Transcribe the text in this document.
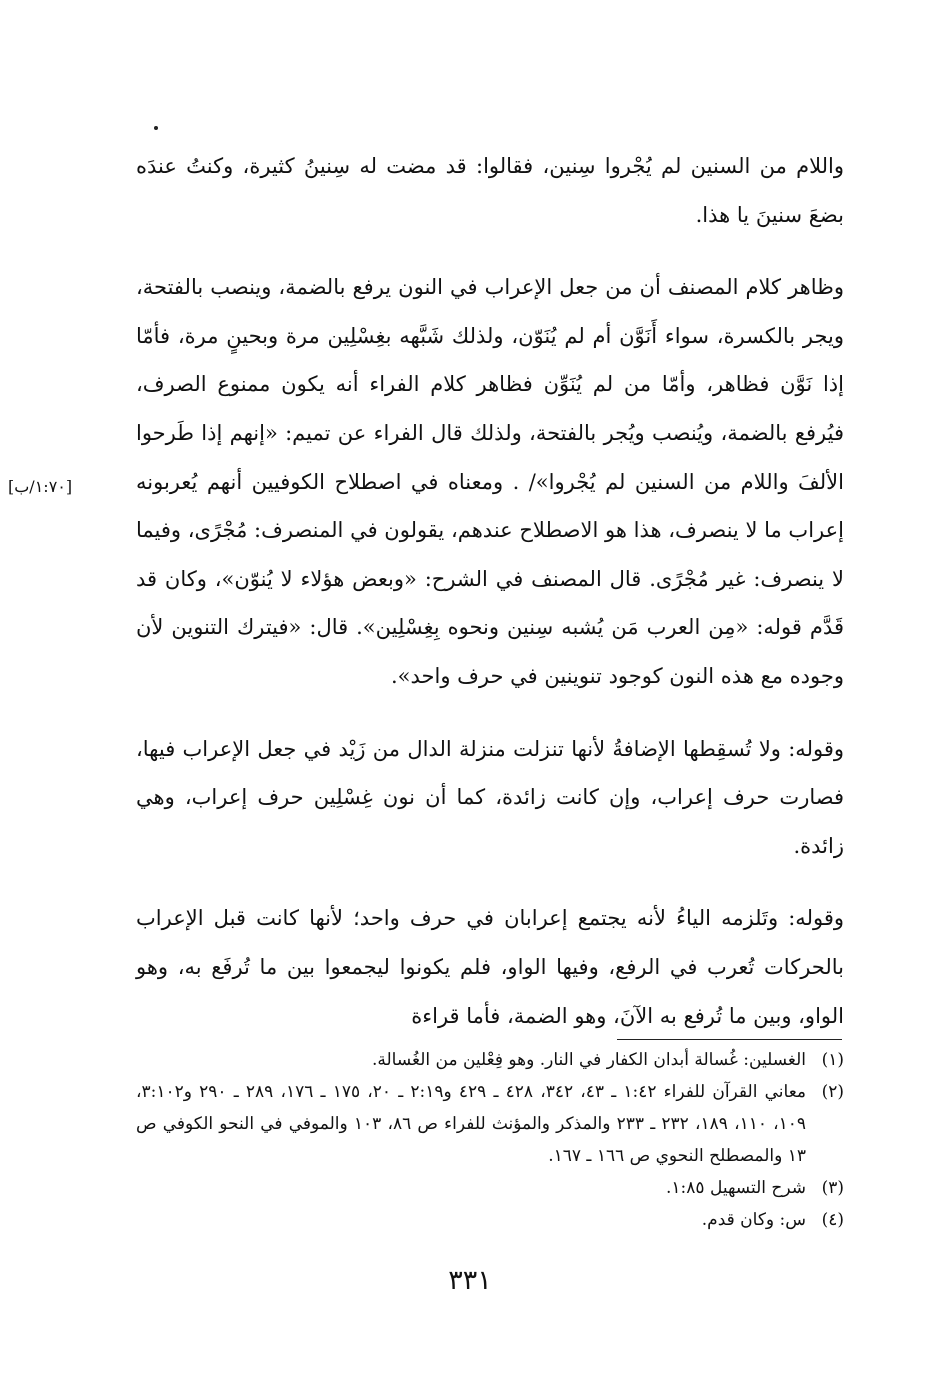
واللام من السنين لم يُجْروا سِنين، فقالوا: قد مضت له سِنينُ كثيرة، وكنتُ عندَه بضعَ سنينَ يا هذا.

وظاهر كلام المصنف أن من جعل الإعراب في النون يرفع بالضمة، وينصب بالفتحة، ويجر بالكسرة، سواء أَنَوَّن أم لم يُنَوّن، ولذلك شَبَّهه بغِسْلِين مرة وبحينٍ مرة، فأمّا إذا نَوَّن فظاهر، وأمّا من لم يُنَوِّن فظاهر كلام الفراء أنه يكون ممنوع الصرف، فيُرفع بالضمة، ويُنصب ويُجر بالفتحة، ولذلك قال الفراء عن تميم: «إنهم إذا طَرحوا الألفَ واللام من السنين لم يُجْروا»/ . ومعناه في اصطلاح الكوفيين أنهم يُعربونه إعراب ما لا ينصرف، هذا هو الاصطلاح عندهم، يقولون في المنصرف: مُجْرًى، وفيما لا ينصرف: غير مُجْرًى. قال المصنف في الشرح: «وبعض هؤلاء لا يُنوّن»، وكان قد قَدَّم قوله: «مِن العرب مَن يُشبه سِنين ونحوه بِغِسْلِين». قال: «فيترك التنوين لأن وجوده مع هذه النون كوجود تنوينين في حرف واحد».

وقوله: ولا تُسقِطها الإضافةُ لأنها تنزلت منزلة الدال من زَيْد في جعل الإعراب فيها، فصارت حرف إعراب، وإن كانت زائدة، كما أن نون غِسْلِين حرف إعراب، وهي زائدة.

وقوله: وتَلزمه الياءُ لأنه يجتمع إعرابان في حرف واحد؛ لأنها كانت قبل الإعراب بالحركات تُعرب في الرفع، وفيها الواو، فلم يكونوا ليجمعوا بين ما تُرفَع به، وهو الواو، وبين ما تُرفع به الآنَ، وهو الضمة، فأما قراءة

[١:٧٠/ب]
(١)
الغسلين: غُسالة أبدان الكفار في النار. وهو فِعْلين من الغُسالة.
(٢)
معاني القرآن للفراء ١:٤٢ ـ ٤٣، ٣٤٢، ٤٢٨ ـ ٤٢٩ و٢:١٩ ـ ٢٠، ١٧٥ ـ ١٧٦، ٢٨٩ ـ ٢٩٠ و٣:١٠٢، ١٠٩، ١١٠، ١٨٩، ٢٣٢ ـ ٢٣٣ والمذكر والمؤنث للفراء ص ٨٦، ١٠٣ والموفي في النحو الكوفي ص ١٣ والمصطلح النحوي ص ١٦٦ ـ ١٦٧.
(٣)
شرح التسهيل ١:٨٥.
(٤)
س: وكان قدم.
٣٣١
